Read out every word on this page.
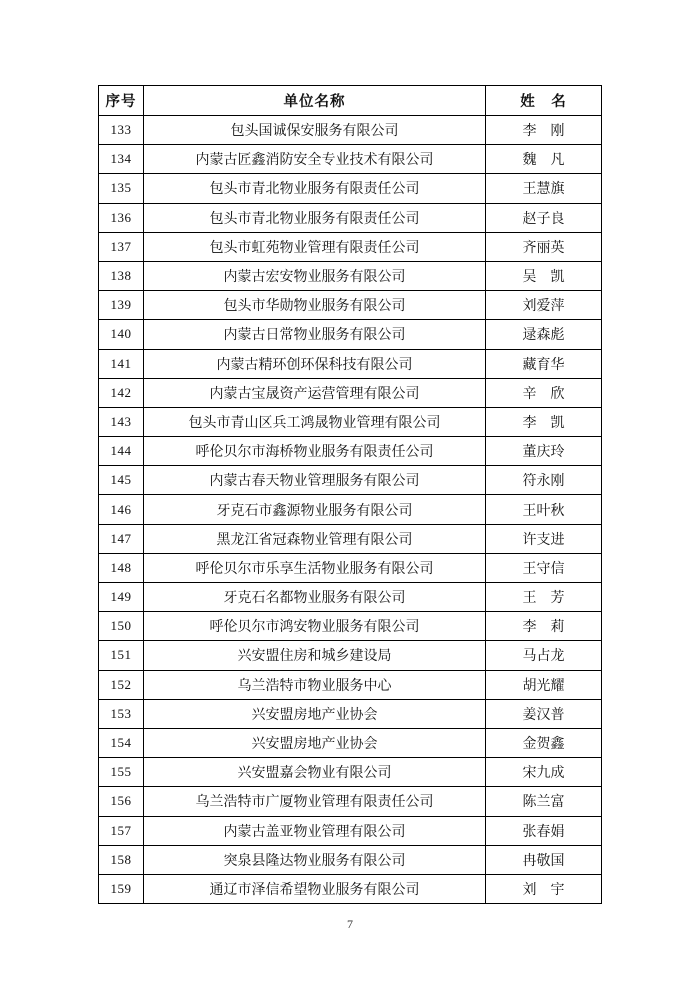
序号	单位名称	姓　名
133	包头国诚保安服务有限公司	李　刚
134	内蒙古匠鑫消防安全专业技术有限公司	魏　凡
135	包头市青北物业服务有限责任公司	王慧旗
136	包头市青北物业服务有限责任公司	赵子良
137	包头市虹苑物业管理有限责任公司	齐丽英
138	内蒙古宏安物业服务有限公司	吴　凯
139	包头市华勋物业服务有限公司	刘爱萍
140	内蒙古日常物业服务有限公司	逯森彪
141	内蒙古精环创环保科技有限公司	藏育华
142	内蒙古宝晟资产运营管理有限公司	辛　欣
143	包头市青山区兵工鸿晟物业管理有限公司	李　凯
144	呼伦贝尔市海桥物业服务有限责任公司	董庆玲
145	内蒙古春天物业管理服务有限公司	符永刚
146	牙克石市鑫源物业服务有限公司	王叶秋
147	黑龙江省冠森物业管理有限公司	许支进
148	呼伦贝尔市乐享生活物业服务有限公司	王守信
149	牙克石名都物业服务有限公司	王　芳
150	呼伦贝尔市鸿安物业服务有限公司	李　莉
151	兴安盟住房和城乡建设局	马占龙
152	乌兰浩特市物业服务中心	胡光耀
153	兴安盟房地产业协会	姜汉普
154	兴安盟房地产业协会	金贺鑫
155	兴安盟嘉会物业有限公司	宋九成
156	乌兰浩特市广厦物业管理有限责任公司	陈兰富
157	内蒙古盖亚物业管理有限公司	张春娟
158	突泉县隆达物业服务有限公司	冉敬国
159	通辽市泽信希望物业服务有限公司	刘　宇
7
